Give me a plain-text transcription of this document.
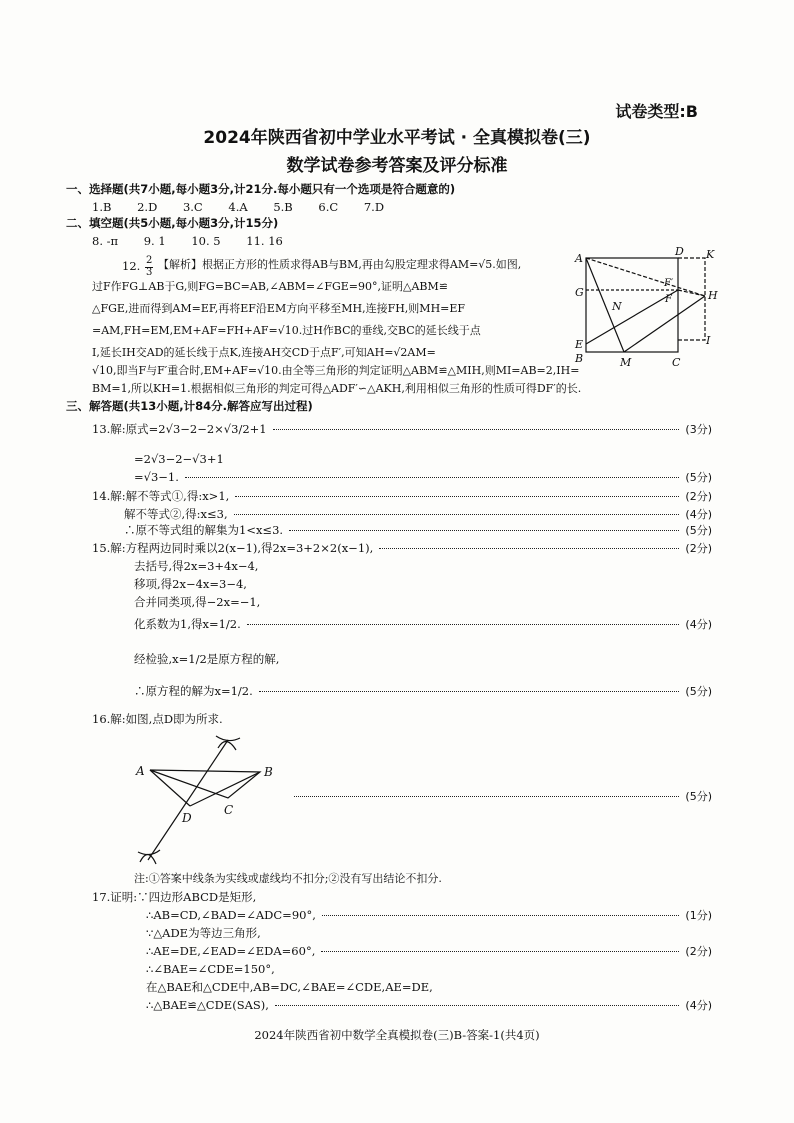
试卷类型:B
2024年陕西省初中学业水平考试 · 全真模拟卷(三)
数学试卷参考答案及评分标准
一、选择题(共7小题,每小题3分,计21分.每小题只有一个选项是符合题意的)
1.B 2.D 3.C 4.A 5.B 6.C 7.D
二、填空题(共5小题,每小题3分,计15分)
8. -π 9. 1 10. 5 11. 16
12. $\frac{2}{3}$ 【解析】根据正方形的性质求得AB与BM,再由勾股定理求得AM=√5.如图,
过F作FG⊥AB于G,则FG=BC=AB,∠ABM=∠FGE=90°,证明△ABM≌
△FGE,进而得到AM=EF,再将EF沿EM方向平移至MH,连接FH,则MH=EF
=AM,FH=EM,EM+AF=FH+AF=√10.过H作BC的垂线,交BC的延长线于点
I,延长IH交AD的延长线于点K,连接AH交CD于点F′,可知AH=√2AM=
√10,即当F与F′重合时,EM+AF=√10.由全等三角形的判定证明△ABM≌△MIH,则MI=AB=2,IH=
BM=1,所以KH=1.根据相似三角形的判定可得△ADF′∽△AKH,利用相似三角形的性质可得DF′的长.
A
D K
F′
F
G	H
N
E
B	M	C
I
三、解答题(共13小题,计84分.解答应写出过程)
13.解:原式=2√3−2−2×√3/2+1	(3分)
=2√3−2−√3+1
=√3−1.	(5分)
14.解:解不等式①,得:x>1,	(2分)
解不等式②,得:x≤3,	(4分)
∴原不等式组的解集为1<x≤3.	(5分)
15.解:方程两边同时乘以2(x−1),得2x=3+2×2(x−1),	(2分)
去括号,得2x=3+4x−4,
移项,得2x−4x=3−4,
合并同类项,得−2x=−1,
化系数为1,得x=1/2.	(4分)
经检验,x=1/2是原方程的解,
∴原方程的解为x=1/2.	(5分)
16.解:如图,点D即为所求.
A	B
D
C
(5分)
注:①答案中线条为实线或虚线均不扣分;②没有写出结论不扣分.
17.证明:∵四边形ABCD是矩形,
∴AB=CD,∠BAD=∠ADC=90°,	(1分)
∵△ADE为等边三角形,
∴AE=DE,∠EAD=∠EDA=60°,	(2分)
∴∠BAE=∠CDE=150°,
在△BAE和△CDE中,AB=DC,∠BAE=∠CDE,AE=DE,
∴△BAE≌△CDE(SAS),	(4分)
2024年陕西省初中数学全真模拟卷(三)B-答案-1(共4页)
